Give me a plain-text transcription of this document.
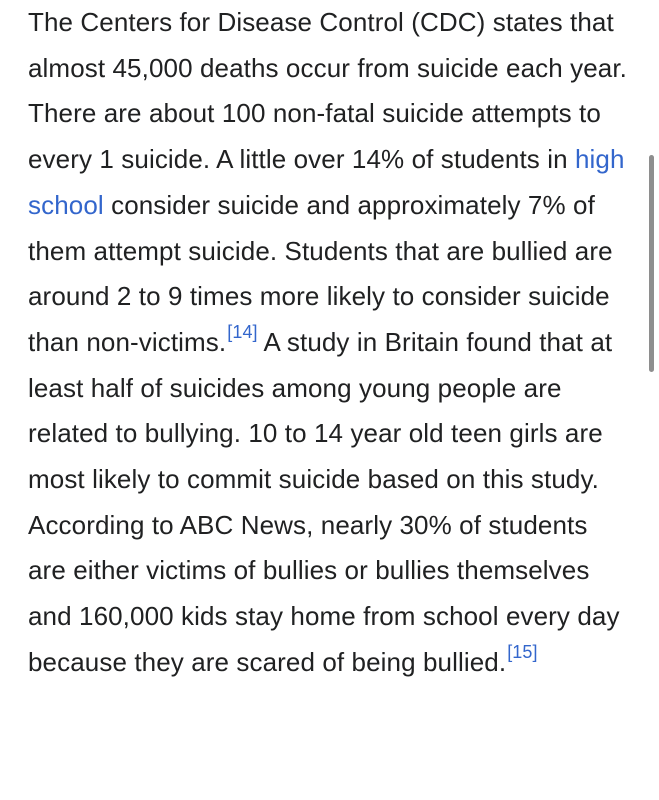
The Centers for Disease Control (CDC) states that almost 45,000 deaths occur from suicide each year. There are about 100 non-fatal suicide attempts to every 1 suicide. A little over 14% of students in high school consider suicide and approximately 7% of them attempt suicide. Students that are bullied are around 2 to 9 times more likely to consider suicide than non-victims.[14] A study in Britain found that at least half of suicides among young people are related to bullying. 10 to 14 year old teen girls are most likely to commit suicide based on this study. According to ABC News, nearly 30% of students are either victims of bullies or bullies themselves and 160,000 kids stay home from school every day because they are scared of being bullied.[15]
